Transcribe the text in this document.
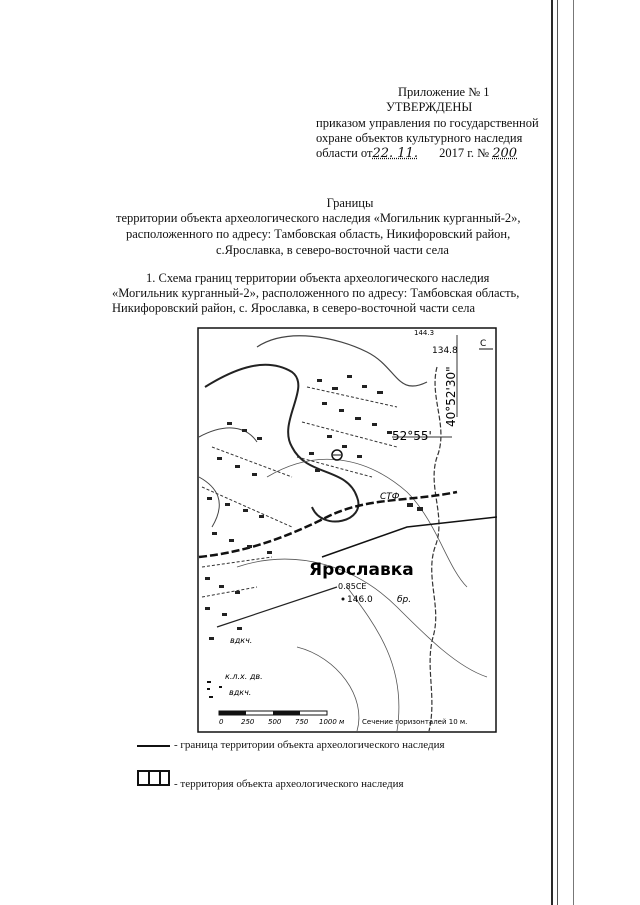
Приложение № 1
УТВЕРЖДЕНЫ
приказом управления по государственной
охране объектов культурного наследия
области от22. 11. 2017 г. № 200
Границы
территории объекта археологического наследия «Могильник курганный-2»,
расположенного по адресу: Тамбовская область, Никифоровский район,
с.Ярославка, в северо-восточной части села
1. Схема границ территории объекта археологического наследия
«Могильник курганный-2», расположенного по адресу: Тамбовская область,
Никифоровский район, с. Ярославка, в северо-восточной части села
144.3
134.8
С
52°55'
40°52'30"
СТФ
Ярославка
0.85СЕ
146.0	бр.
вдкч.
к.л.х. дв.
вдкч.
0	250 500 750 1000 м	Сечение горизонталей 10 м.
- граница территории объекта археологического наследия
- территория объекта археологического наследия
